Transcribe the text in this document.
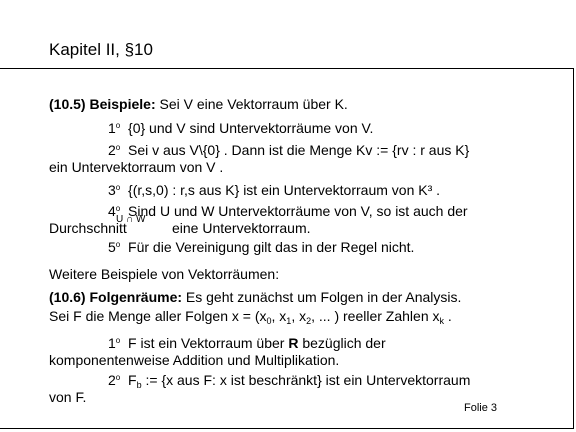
Kapitel II, §10
(10.5) Beispiele: Sei V eine Vektorraum über K.
1$^o$ {0} und V sind Untervektorräume von V.
2$^o$ Sei v aus V\{0} . Dann ist die Menge Kv := {rv : r aus K}
ein Untervektorraum von V .
3$^o$ {(r,s,0) : r,s aus K} ist ein Untervektorraum von K³ .
4$^o$ Sind U und W Untervektorräume von V, so ist auch der
U ∩ W
Durchschnitt	eine Untervektorraum.
5$^o$ Für die Vereinigung gilt das in der Regel nicht.
Weitere Beispiele von Vektorräumen:
(10.6) Folgenräume: Es geht zunächst um Folgen in der Analysis.
Sei F die Menge aller Folgen $x = (x_0$, $x_1$, $x_2$, ... ) reeller Zahlen $x_k$ .
1$^o$ F ist ein Vektorraum über R bezüglich der
komponentenweise Addition und Multiplikation.
2$^o$ $F_b$ := {x aus F: x ist beschränkt} ist ein Untervektorraum
von F.
Folie 3
